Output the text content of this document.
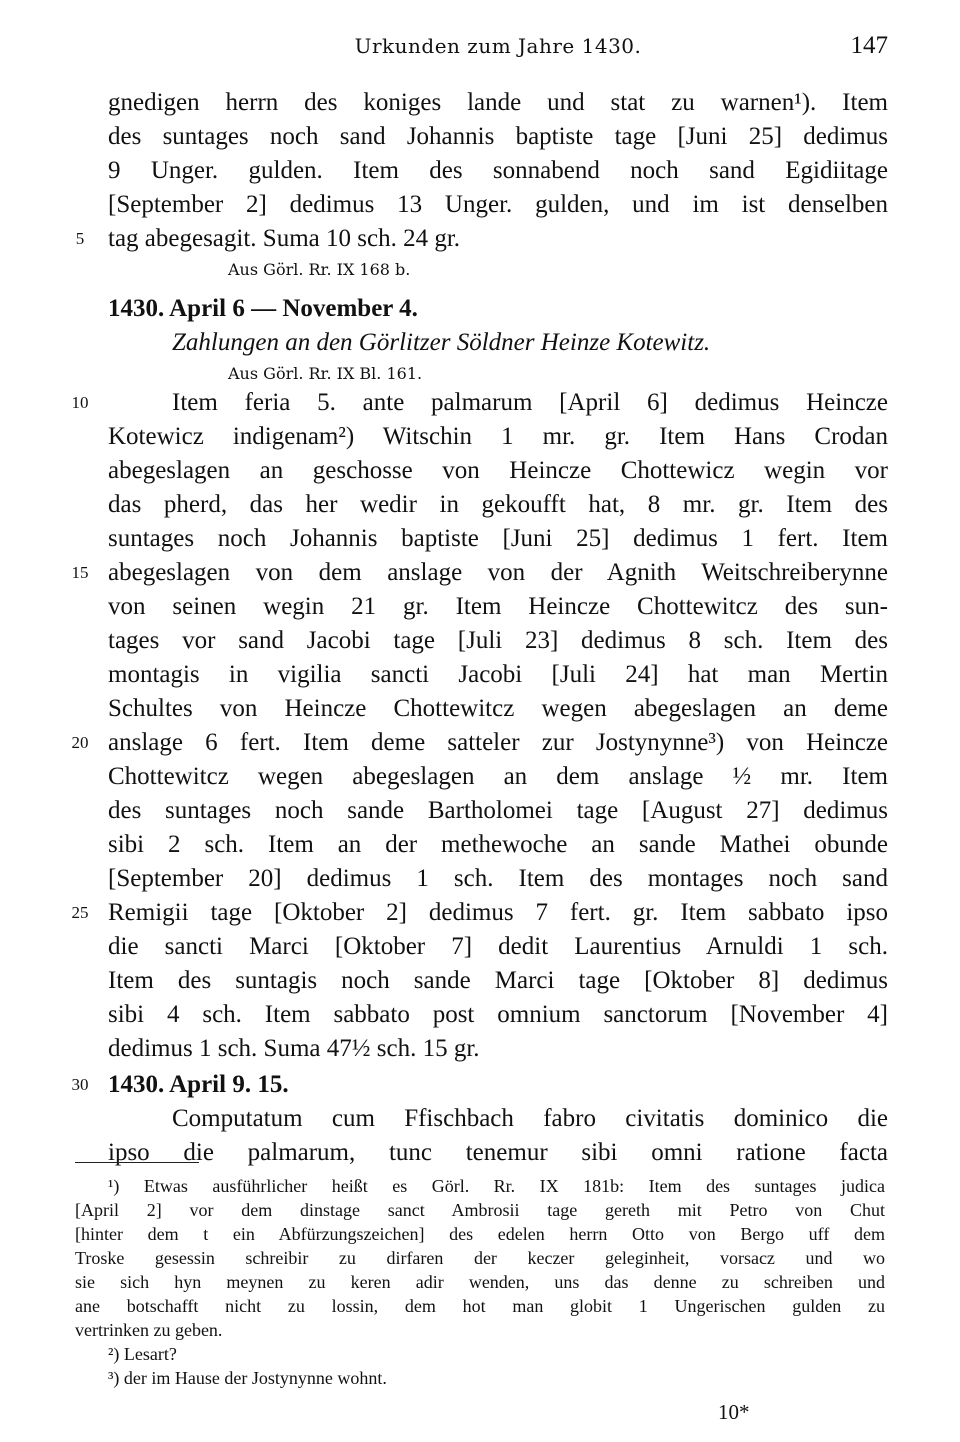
Urkunden zum Jahre 1430.	147
gnedigen herrn des koniges lande und stat zu warnen¹). Item
des suntages noch sand Johannis baptiste tage [Juni 25] dedimus
9 Unger. gulden. Item des sonnabend noch sand Egidiitage
[September 2] dedimus 13 Unger. gulden, und im ist denselben
tag abegesagit. Suma 10 sch. 24 gr.
5
Aus Görl. Rr. IX 168 b.
1430. April 6 — November 4.
Zahlungen an den Görlitzer Söldner Heinze Kotewitz.
Aus Görl. Rr. IX Bl. 161.
Item feria 5. ante palmarum [April 6] dedimus Heincze
10
Kotewicz indigenam²) Witschin 1 mr. gr. Item Hans Crodan
abegeslagen an geschosse von Heincze Chottewicz wegin vor
das pherd, das her wedir in gekoufft hat, 8 mr. gr. Item des
suntages noch Johannis baptiste [Juni 25] dedimus 1 fert. Item
abegeslagen von dem anslage von der Agnith Weitschreiberynne
15
von seinen wegin 21 gr. Item Heincze Chottewitcz des sun-
tages vor sand Jacobi tage [Juli 23] dedimus 8 sch. Item des
montagis in vigilia sancti Jacobi [Juli 24] hat man Mertin
Schultes von Heincze Chottewitcz wegen abegeslagen an deme
anslage 6 fert. Item deme satteler zur Jostynynne³) von Heincze
20
Chottewitcz wegen abegeslagen an dem anslage ½ mr. Item
des suntages noch sande Bartholomei tage [August 27] dedimus
sibi 2 sch. Item an der methewoche an sande Mathei obunde
[September 20] dedimus 1 sch. Item des montages noch sand
Remigii tage [Oktober 2] dedimus 7 fert. gr. Item sabbato ipso
25
die sancti Marci [Oktober 7] dedit Laurentius Arnuldi 1 sch.
Item des suntagis noch sande Marci tage [Oktober 8] dedimus
sibi 4 sch. Item sabbato post omnium sanctorum [November 4]
dedimus 1 sch. Suma 47½ sch. 15 gr.
1430. April 9. 15.
30
Computatum cum Ffischbach fabro civitatis dominico die
ipso die palmarum, tunc tenemur sibi omni ratione facta
¹) Etwas ausführlicher heißt es Görl. Rr. IX 181b: Item des suntages judica
[April 2] vor dem dinstage sanct Ambrosii tage gereth mit Petro von Chut
[hinter dem t ein Abfürzungszeichen] des edelen herrn Otto von Bergo uff dem
Troske gesessin schreibir zu dirfaren der keczer geleginheit, vorsacz und wo
sie sich hyn meynen zu keren adir wenden, uns das denne zu schreiben und
ane botschafft nicht zu lossin, dem hot man globit 1 Ungerischen gulden zu
vertrinken zu geben.
²) Lesart?
³) der im Hause der Jostynynne wohnt.
10*
